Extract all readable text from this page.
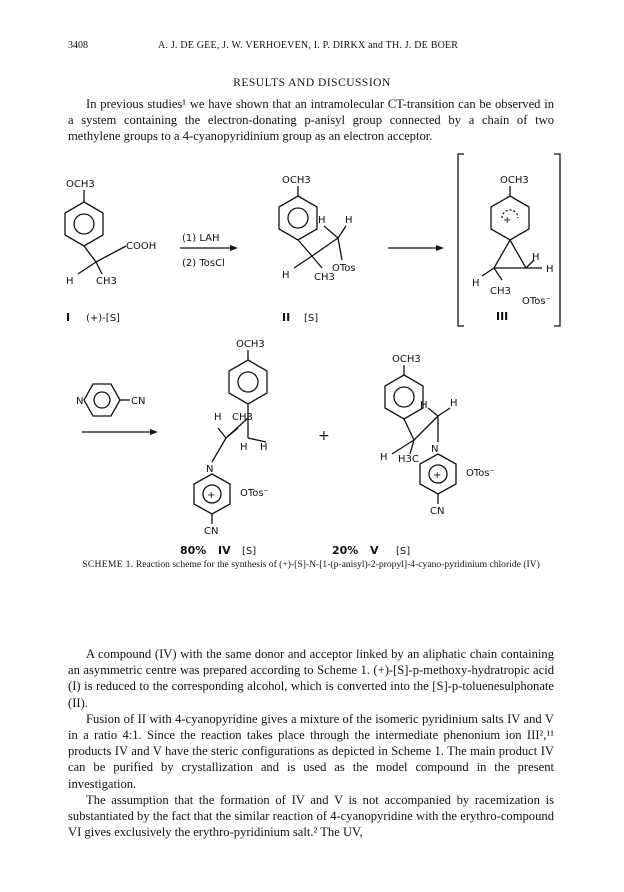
3408	A. J. DE GEE, J. W. VERHOEVEN, I. P. DIRKX and TH. J. DE BOER
RESULTS AND DISCUSSION

In previous studies¹ we have shown that an intramolecular CT-transition can be observed in a system containing the electron-donating p-anisyl group connected by a chain of two methylene groups to a 4-cyanopyridinium group as an electron acceptor.

OCH3
COOH
H CH3
I (+)-[S]
(1) LAH
(2) TosCl
OCH3
H H
H CH3
OTos
II [S]
OCH3
+
H
H
H
CH3
OTos⁻
III
N	CN
OCH3
H CH3
H H
N
+
CN
OTos⁻
80% IV [S]
+
OCH3
H H
H H3C
N
+
CN
OTos⁻
20% V [S]
SCHEME 1. Reaction scheme for the synthesis of (+)-[S]-N-[1-(p-anisyl)-2-propyl]-4-cyano-pyridinium chloride (IV)

A compound (IV) with the same donor and acceptor linked by an aliphatic chain containing an asymmetric centre was prepared according to Scheme 1. (+)-[S]-p-methoxy-hydratropic acid (I) is reduced to the corresponding alcohol, which is converted into the [S]-p-toluenesulphonate (II).

Fusion of II with 4-cyanopyridine gives a mixture of the isomeric pyridinium salts IV and V in a ratio 4:1. Since the reaction takes place through the intermediate phenonium ion III²,¹¹ products IV and V have the steric configurations as depicted in Scheme 1. The main product IV can be purified by crystallization and is used as the model compound in the present investigation.

The assumption that the formation of IV and V is not accompanied by racemization is substantiated by the fact that the similar reaction of 4-cyanopyridine with the erythro-compound VI gives exclusively the erythro-pyridinium salt.² The UV,
